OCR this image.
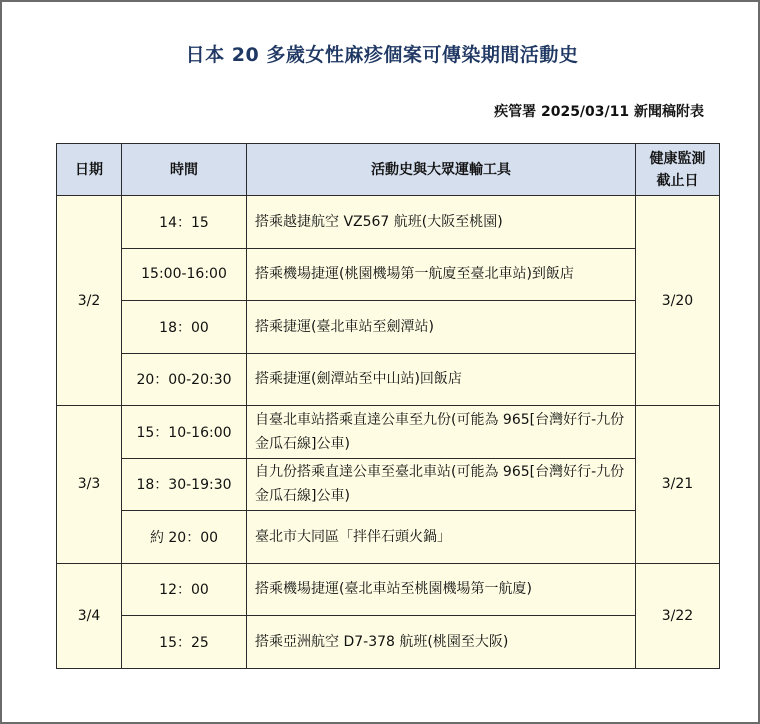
日本 20 多歲女性麻疹個案可傳染期間活動史
疾管署 2025/03/11 新聞稿附表
日期	時間	活動史與大眾運輸工具	健康監測
截止日
3/2	14：15	搭乘越捷航空 VZ567 航班(大阪至桃園)	3/20
	15:00-16:00	搭乘機場捷運(桃園機場第一航廈至臺北車站)到飯店	
	18：00	搭乘捷運(臺北車站至劍潭站)	
	20：00-20:30	搭乘捷運(劍潭站至中山站)回飯店	
3/3	15：10-16:00	自臺北車站搭乘直達公車至九份(可能為 965[台灣好行-九份金瓜石線]公車)	3/21
	18：30-19:30	自九份搭乘直達公車至臺北車站(可能為 965[台灣好行-九份金瓜石線]公車)	
	約 20：00	臺北市大同區「拌伴石頭火鍋」	
3/4	12：00	搭乘機場捷運(臺北車站至桃園機場第一航廈)	3/22
	15：25	搭乘亞洲航空 D7-378 航班(桃園至大阪)	
